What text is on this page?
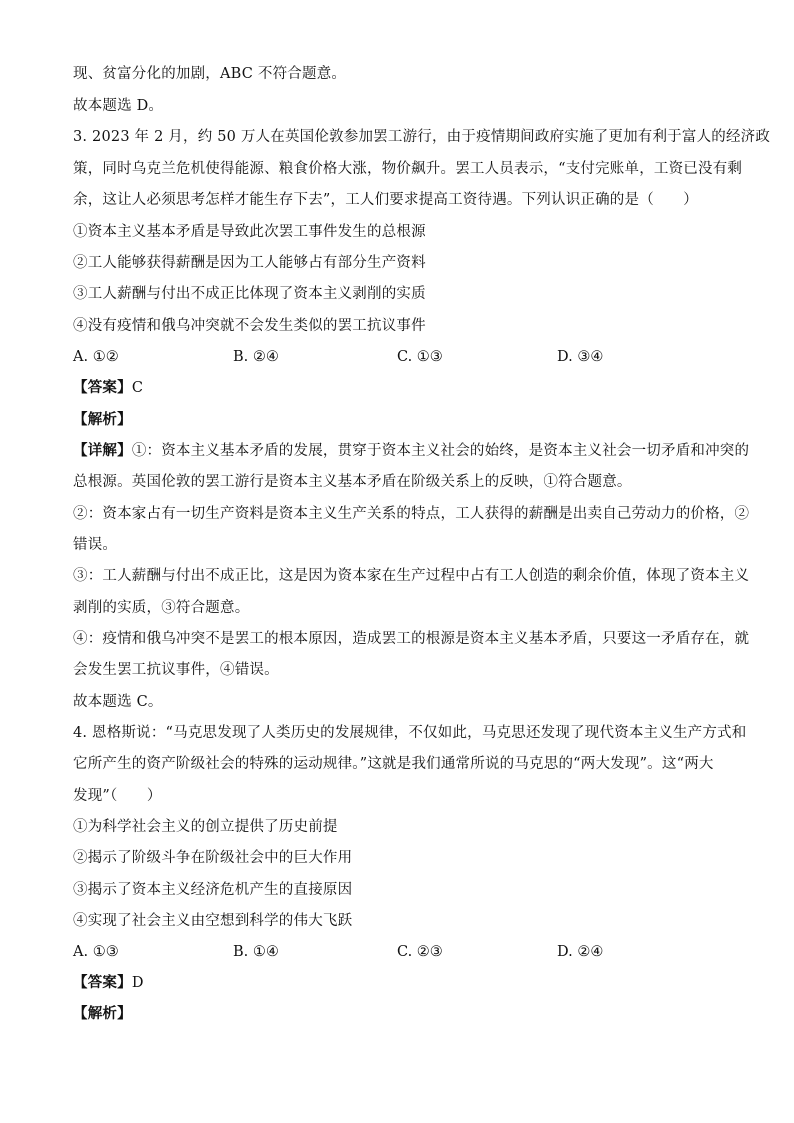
现、贫富分化的加剧，ABC 不符合题意。
故本题选 D。
3. 2023 年 2 月，约 50 万人在英国伦敦参加罢工游行，由于疫情期间政府实施了更加有利于富人的经济政
策，同时乌克兰危机使得能源、粮食价格大涨，物价飙升。罢工人员表示，“支付完账单，工资已没有剩
余，这让人必须思考怎样才能生存下去”，工人们要求提高工资待遇。下列认识正确的是（　　）
①资本主义基本矛盾是导致此次罢工事件发生的总根源
②工人能够获得薪酬是因为工人能够占有部分生产资料
③工人薪酬与付出不成正比体现了资本主义剥削的实质
④没有疫情和俄乌冲突就不会发生类似的罢工抗议事件
A. ①②	B. ②④	C. ①③	D. ③④
【答案】C
【解析】
【详解】①：资本主义基本矛盾的发展，贯穿于资本主义社会的始终，是资本主义社会一切矛盾和冲突的
总根源。英国伦敦的罢工游行是资本主义基本矛盾在阶级关系上的反映，①符合题意。
②：资本家占有一切生产资料是资本主义生产关系的特点，工人获得的薪酬是出卖自己劳动力的价格，②
错误。
③：工人薪酬与付出不成正比，这是因为资本家在生产过程中占有工人创造的剩余价值，体现了资本主义
剥削的实质，③符合题意。
④：疫情和俄乌冲突不是罢工的根本原因，造成罢工的根源是资本主义基本矛盾，只要这一矛盾存在，就
会发生罢工抗议事件，④错误。
故本题选 C。
4. 恩格斯说：“马克思发现了人类历史的发展规律，不仅如此，马克思还发现了现代资本主义生产方式和
它所产生的资产阶级社会的特殊的运动规律。”这就是我们通常所说的马克思的“两大发现”。这“两大
发现”（　　）
①为科学社会主义的创立提供了历史前提
②揭示了阶级斗争在阶级社会中的巨大作用
③揭示了资本主义经济危机产生的直接原因
④实现了社会主义由空想到科学的伟大飞跃
A. ①③	B. ①④	C. ②③	D. ②④
【答案】D
【解析】
